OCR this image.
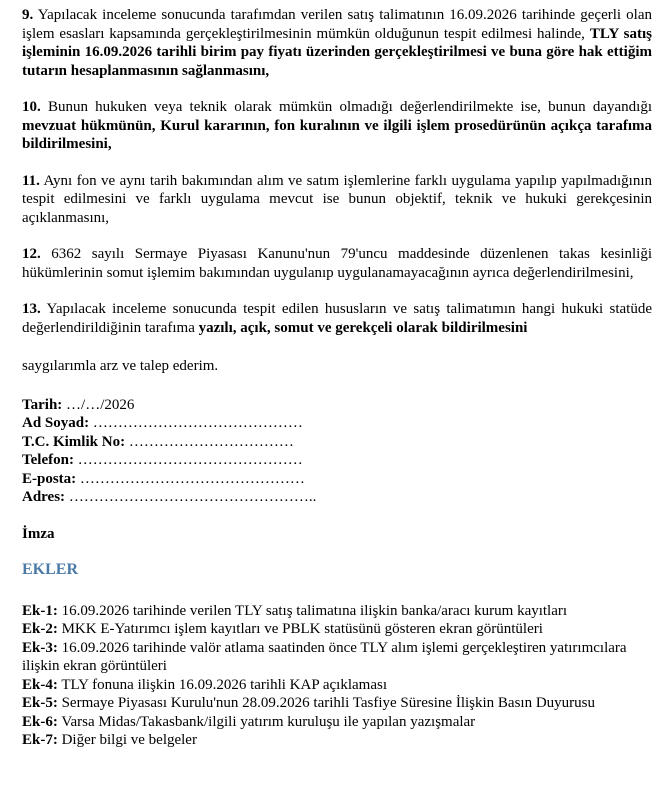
9. Yapılacak inceleme sonucunda tarafımdan verilen satış talimatının 16.09.2026 tarihinde geçerli olan işlem esasları kapsamında gerçekleştirilmesinin mümkün olduğunun tespit edilmesi halinde, TLY satış işleminin 16.09.2026 tarihli birim pay fiyatı üzerinden gerçekleştirilmesi ve buna göre hak ettiğim tutarın hesaplanmasının sağlanmasını,

10. Bunun hukuken veya teknik olarak mümkün olmadığı değerlendirilmekte ise, bunun dayandığı mevzuat hükmünün, Kurul kararının, fon kuralının ve ilgili işlem prosedürünün açıkça tarafıma bildirilmesini,

11. Aynı fon ve aynı tarih bakımından alım ve satım işlemlerine farklı uygulama yapılıp yapılmadığının tespit edilmesini ve farklı uygulama mevcut ise bunun objektif, teknik ve hukuki gerekçesinin açıklanmasını,

12. 6362 sayılı Sermaye Piyasası Kanunu'nun 79'uncu maddesinde düzenlenen takas kesinliği hükümlerinin somut işlemim bakımından uygulanıp uygulanamayacağının ayrıca değerlendirilmesini,

13. Yapılacak inceleme sonucunda tespit edilen hususların ve satış talimatımın hangi hukuki statüde değerlendirildiğinin tarafıma yazılı, açık, somut ve gerekçeli olarak bildirilmesini

saygılarımla arz ve talep ederim.

Tarih: …/…/2026
Ad Soyad: ……………………………………
T.C. Kimlik No: ……………………………
Telefon: ………………………………………
E-posta: ………………………………………
Adres: …………………………………………..

İmza

EKLER

Ek-1: 16.09.2026 tarihinde verilen TLY satış talimatına ilişkin banka/aracı kurum kayıtları

Ek-2: MKK E-Yatırımcı işlem kayıtları ve PBLK statüsünü gösteren ekran görüntüleri

Ek-3: 16.09.2026 tarihinde valör atlama saatinden önce TLY alım işlemi gerçekleştiren yatırımcılara ilişkin ekran görüntüleri

Ek-4: TLY fonuna ilişkin 16.09.2026 tarihli KAP açıklaması

Ek-5: Sermaye Piyasası Kurulu'nun 28.09.2026 tarihli Tasfiye Süresine İlişkin Basın Duyurusu

Ek-6: Varsa Midas/Takasbank/ilgili yatırım kuruluşu ile yapılan yazışmalar

Ek-7: Diğer bilgi ve belgeler
